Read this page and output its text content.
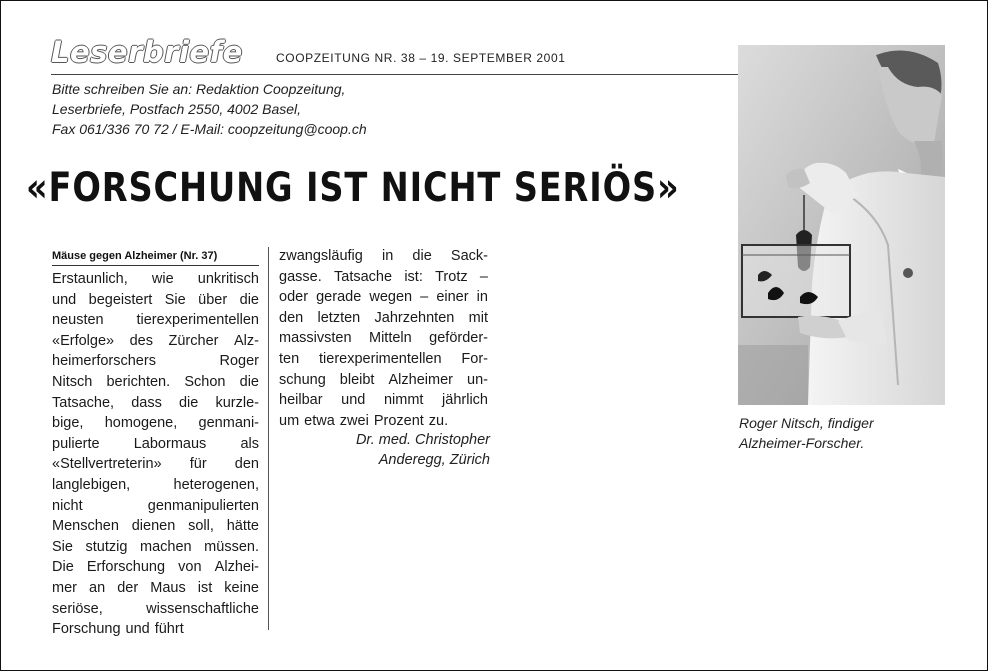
Leserbriefe	COOPZEITUNG NR. 38 – 19. SEPTEMBER 2001
Bitte schreiben Sie an: Redaktion Coopzeitung,
Leserbriefe, Postfach 2550, 4002 Basel,
Fax 061/336 70 72 / E-Mail: coopzeitung@coop.ch
«FORSCHUNG IST NICHT SERIÖS»
Mäuse gegen Alzheimer (Nr. 37)
Erstaunlich, wie unkritisch
und begeistert Sie über die
neusten tierexperimentellen
«Erfolge» des Zürcher Alz-
heimerforschers	Roger
Nitsch berichten. Schon die
Tatsache, dass die kurzle-
bige, homogene, genmani-
pulierte Labormaus als
«Stellvertreterin» für den
langlebigen,	heterogenen,
nicht	genmanipulierten
Menschen dienen soll, hätte
Sie stutzig machen müssen.
Die Erforschung von Alzhei-
mer an der Maus ist keine
seriöse,	wissenschaftliche
Forschung und führt
zwangsläufig in die Sack-
gasse. Tatsache ist: Trotz –
oder gerade wegen – einer in
den letzten Jahrzehnten mit
massivsten Mitteln geförder-
ten tierexperimentellen For-
schung bleibt Alzheimer un-
heilbar und nimmt jährlich
um etwa zwei Prozent zu.
Dr. med. Christopher
Anderegg, Zürich
Roger Nitsch, findiger
Alzheimer-Forscher.
